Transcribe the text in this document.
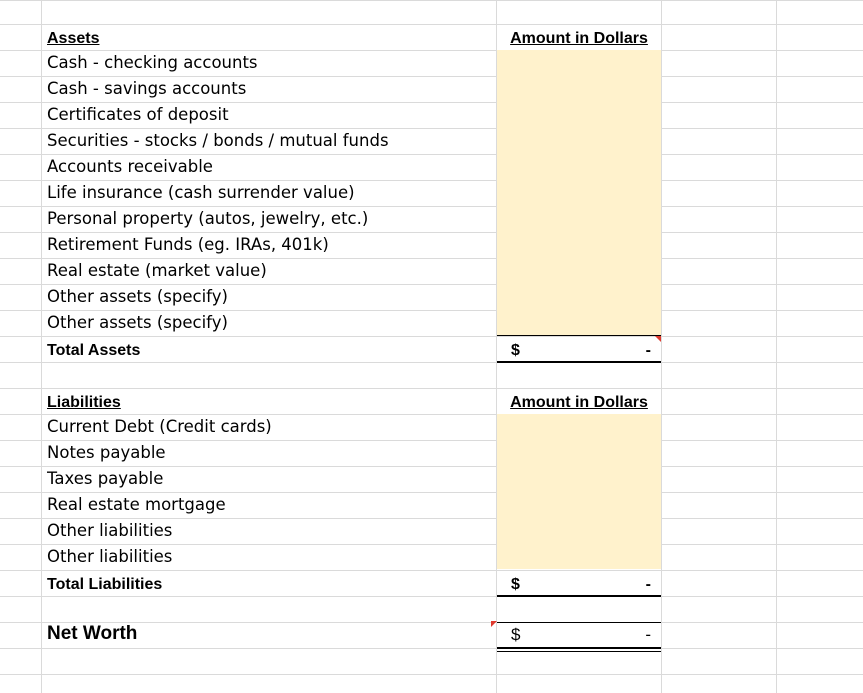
Assets	Amount in Dollars
Cash - checking accounts
Cash - savings accounts
Certificates of deposit
Securities - stocks / bonds / mutual funds
Accounts receivable
Life insurance (cash surrender value)
Personal property (autos, jewelry, etc.)
Retirement Funds (eg. IRAs, 401k)
Real estate (market value)
Other assets (specify)
Other assets (specify)
Total Assets	$	-
Liabilities	Amount in Dollars
Current Debt (Credit cards)
Notes payable
Taxes payable
Real estate mortgage
Other liabilities
Other liabilities
Total Liabilities	$	-
Net Worth	$	-
